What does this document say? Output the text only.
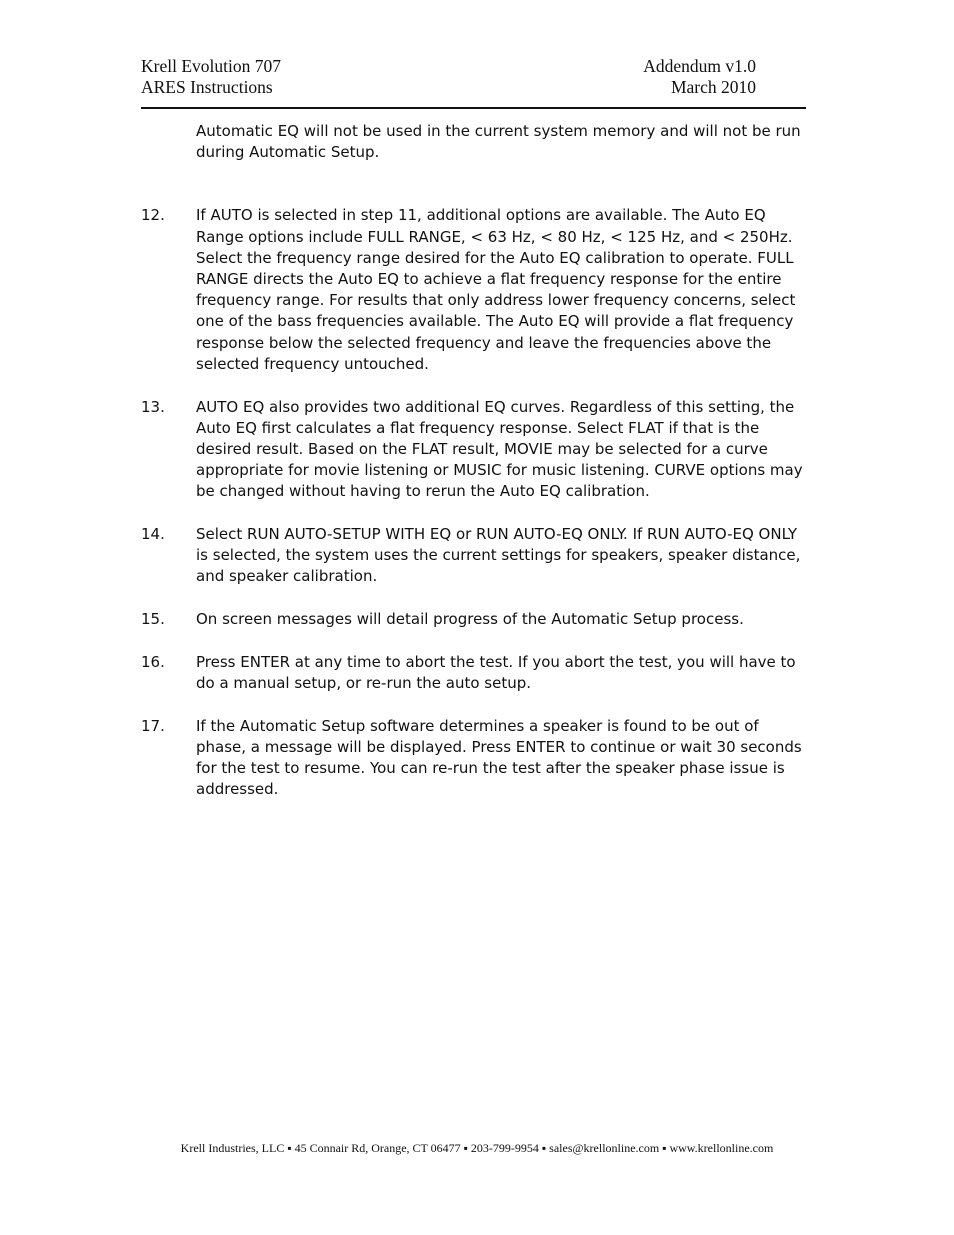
Krell Evolution 707	Addendum v1.0
ARES Instructions	March 2010
Automatic EQ will not be used in the current system memory and will not be run during Automatic Setup.
12. If AUTO is selected in step 11, additional options are available. The Auto EQ Range options include FULL RANGE, < 63 Hz, < 80 Hz, < 125 Hz, and < 250Hz. Select the frequency range desired for the Auto EQ calibration to operate. FULL RANGE directs the Auto EQ to achieve a flat frequency response for the entire frequency range. For results that only address lower frequency concerns, select one of the bass frequencies available. The Auto EQ will provide a flat frequency response below the selected frequency and leave the frequencies above the selected frequency untouched.
13. AUTO EQ also provides two additional EQ curves. Regardless of this setting, the Auto EQ first calculates a flat frequency response. Select FLAT if that is the desired result. Based on the FLAT result, MOVIE may be selected for a curve appropriate for movie listening or MUSIC for music listening. CURVE options may be changed without having to rerun the Auto EQ calibration.
14. Select RUN AUTO-SETUP WITH EQ or RUN AUTO-EQ ONLY. If RUN AUTO-EQ ONLY is selected, the system uses the current settings for speakers, speaker distance, and speaker calibration.
15. On screen messages will detail progress of the Automatic Setup process.
16. Press ENTER at any time to abort the test. If you abort the test, you will have to do a manual setup, or re-run the auto setup.
17. If the Automatic Setup software determines a speaker is found to be out of phase, a message will be displayed. Press ENTER to continue or wait 30 seconds for the test to resume. You can re-run the test after the speaker phase issue is addressed.
Krell Industries, LLC ▪ 45 Connair Rd, Orange, CT 06477 ▪ 203-799-9954 ▪ sales@krellonline.com ▪ www.krellonline.com
